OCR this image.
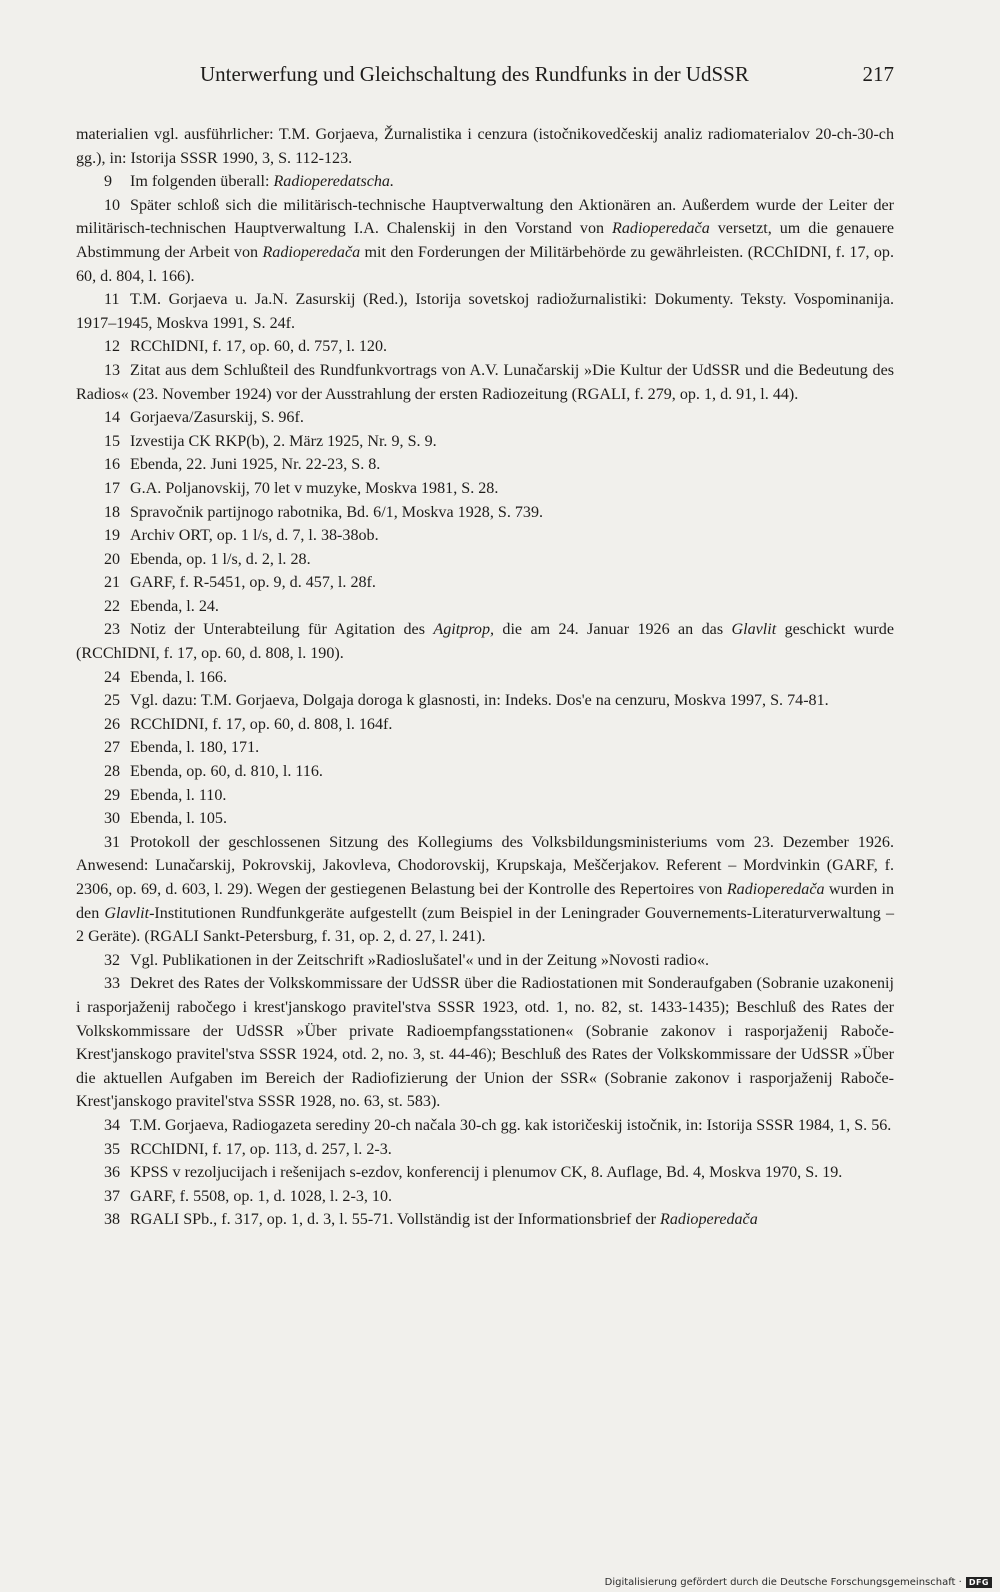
Unterwerfung und Gleichschaltung des Rundfunks in der UdSSR	217

materialien vgl. ausführlicher: T.M. Gorjaeva, Žurnalistika i cenzura (istočnikovedčeskij analiz radiomaterialov 20-ch-30-ch gg.), in: Istorija SSSR 1990, 3, S. 112-123.

9 Im folgenden überall: Radioperedatscha.

10 Später schloß sich die militärisch-technische Hauptverwaltung den Aktionären an. Außerdem wurde der Leiter der militärisch-technischen Hauptverwaltung I.A. Chalenskij in den Vorstand von Radioperedača versetzt, um die genauere Abstimmung der Arbeit von Radioperedača mit den Forderungen der Militärbehörde zu gewährleisten. (RCChIDNI, f. 17, op. 60, d. 804, l. 166).

11 T.M. Gorjaeva u. Ja.N. Zasurskij (Red.), Istorija sovetskoj radiožurnalistiki: Dokumenty. Teksty. Vospominanija. 1917–1945, Moskva 1991, S. 24f.

12 RCChIDNI, f. 17, op. 60, d. 757, l. 120.

13 Zitat aus dem Schlußteil des Rundfunkvortrags von A.V. Lunačarskij »Die Kultur der UdSSR und die Bedeutung des Radios« (23. November 1924) vor der Ausstrahlung der ersten Radiozeitung (RGALI, f. 279, op. 1, d. 91, l. 44).

14 Gorjaeva/Zasurskij, S. 96f.

15 Izvestija CK RKP(b), 2. März 1925, Nr. 9, S. 9.

16 Ebenda, 22. Juni 1925, Nr. 22-23, S. 8.

17 G.A. Poljanovskij, 70 let v muzyke, Moskva 1981, S. 28.

18 Spravočnik partijnogo rabotnika, Bd. 6/1, Moskva 1928, S. 739.

19 Archiv ORT, op. 1 l/s, d. 7, l. 38-38ob.

20 Ebenda, op. 1 l/s, d. 2, l. 28.

21 GARF, f. R-5451, op. 9, d. 457, l. 28f.

22 Ebenda, l. 24.

23 Notiz der Unterabteilung für Agitation des Agitprop, die am 24. Januar 1926 an das Glavlit geschickt wurde (RCChIDNI, f. 17, op. 60, d. 808, l. 190).

24 Ebenda, l. 166.

25 Vgl. dazu: T.M. Gorjaeva, Dolgaja doroga k glasnosti, in: Indeks. Dos'e na cenzuru, Moskva 1997, S. 74-81.

26 RCChIDNI, f. 17, op. 60, d. 808, l. 164f.

27 Ebenda, l. 180, 171.

28 Ebenda, op. 60, d. 810, l. 116.

29 Ebenda, l. 110.

30 Ebenda, l. 105.

31 Protokoll der geschlossenen Sitzung des Kollegiums des Volksbildungsministeriums vom 23. Dezember 1926. Anwesend: Lunačarskij, Pokrovskij, Jakovleva, Chodorovskij, Krupskaja, Meščerjakov. Referent – Mordvinkin (GARF, f. 2306, op. 69, d. 603, l. 29). Wegen der gestiegenen Belastung bei der Kontrolle des Repertoires von Radioperedača wurden in den Glavlit-Institutionen Rundfunkgeräte aufgestellt (zum Beispiel in der Leningrader Gouvernements-Literaturverwaltung – 2 Geräte). (RGALI Sankt-Petersburg, f. 31, op. 2, d. 27, l. 241).

32 Vgl. Publikationen in der Zeitschrift »Radioslušatel'« und in der Zeitung »Novosti radio«.

33 Dekret des Rates der Volkskommissare der UdSSR über die Radiostationen mit Sonderaufgaben (Sobranie uzakonenij i rasporjaženij rabočego i krest'janskogo pravitel'stva SSSR 1923, otd. 1, no. 82, st. 1433-1435); Beschluß des Rates der Volkskommissare der UdSSR »Über private Radioempfangsstationen« (Sobranie zakonov i rasporjaženij Raboče-Krest'janskogo pravitel'stva SSSR 1924, otd. 2, no. 3, st. 44-46); Beschluß des Rates der Volkskommissare der UdSSR »Über die aktuellen Aufgaben im Bereich der Radiofizierung der Union der SSR« (Sobranie zakonov i rasporjaženij Raboče-Krest'janskogo pravitel'stva SSSR 1928, no. 63, st. 583).

34 T.M. Gorjaeva, Radiogazeta serediny 20-ch načala 30-ch gg. kak istoričeskij istočnik, in: Istorija SSSR 1984, 1, S. 56.

35 RCChIDNI, f. 17, op. 113, d. 257, l. 2-3.

36 KPSS v rezoljucijach i rešenijach s-ezdov, konferencij i plenumov CK, 8. Auflage, Bd. 4, Moskva 1970, S. 19.

37 GARF, f. 5508, op. 1, d. 1028, l. 2-3, 10.

38 RGALI SPb., f. 317, op. 1, d. 3, l. 55-71. Vollständig ist der Informationsbrief der Radioperedača

Digitalisierung gefördert durch die Deutsche Forschungsgemeinschaft · DFG
